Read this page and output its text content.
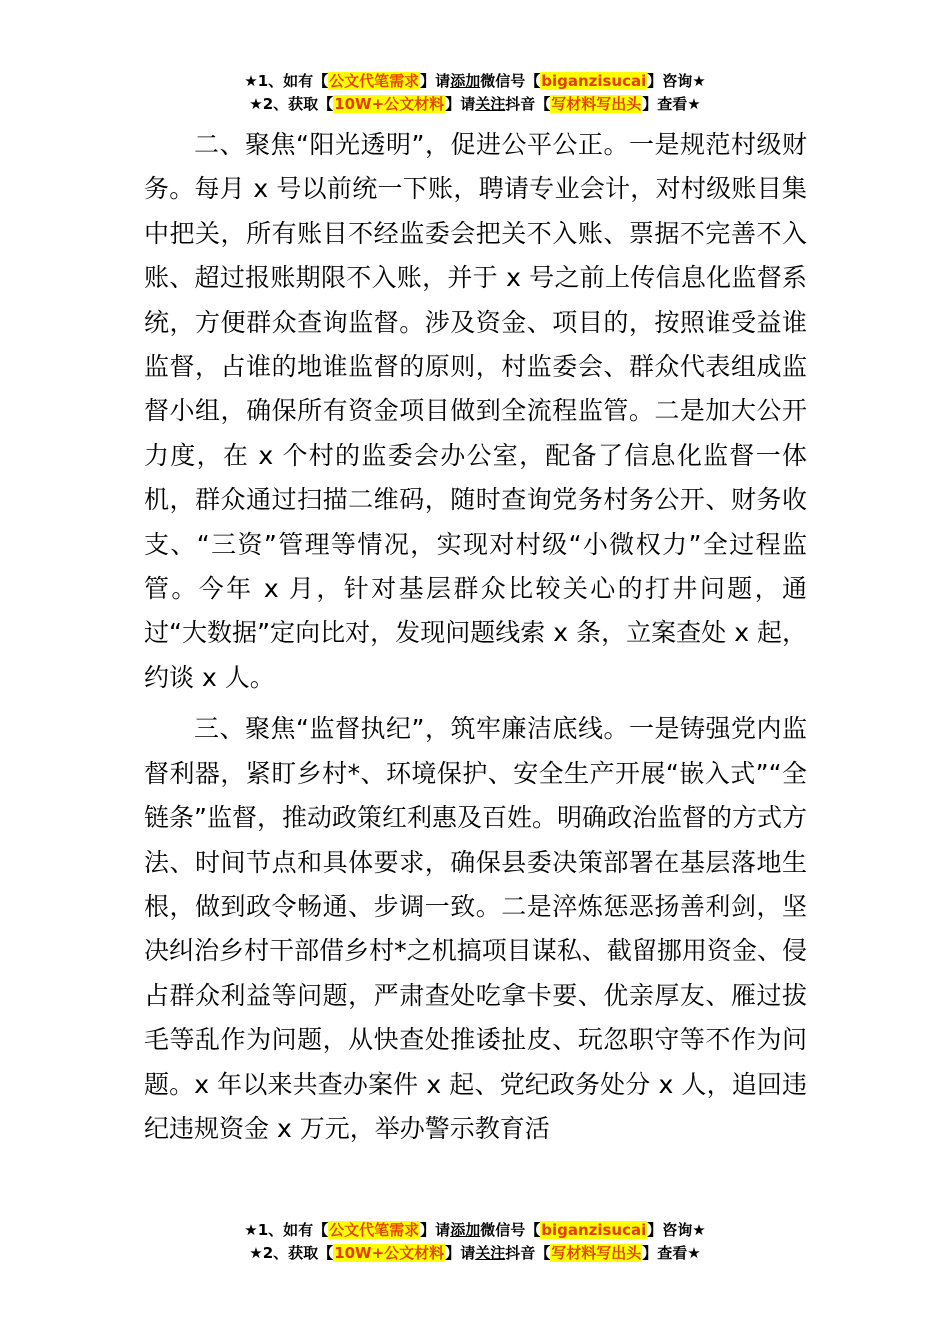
★1、如有【公文代笔需求】请添加微信号【biganzisucai】咨询★
★2、获取【10W+公文材料】请关注抖音【写材料写出头】查看★

二、聚焦“阳光透明”，促进公平公正。一是规范村级财务。每月 x 号以前统一下账，聘请专业会计，对村级账目集中把关，所有账目不经监委会把关不入账、票据不完善不入账、超过报账期限不入账，并于 x 号之前上传信息化监督系统，方便群众查询监督。涉及资金、项目的，按照谁受益谁监督，占谁的地谁监督的原则，村监委会、群众代表组成监督小组，确保所有资金项目做到全流程监管。二是加大公开力度，在 x 个村的监委会办公室，配备了信息化监督一体机，群众通过扫描二维码，随时查询党务村务公开、财务收支、“三资”管理等情况，实现对村级“小微权力”全过程监管。今年 x 月，针对基层群众比较关心的打井问题，通过“大数据”定向比对，发现问题线索 x 条，立案查处 x 起，约谈 x 人。

三、聚焦“监督执纪”，筑牢廉洁底线。一是铸强党内监督利器，紧盯乡村*、环境保护、安全生产开展“嵌入式”“全链条”监督，推动政策红利惠及百姓。明确政治监督的方式方法、时间节点和具体要求，确保县委决策部署在基层落地生根，做到政令畅通、步调一致。二是淬炼惩恶扬善利剑，坚决纠治乡村干部借乡村*之机搞项目谋私、截留挪用资金、侵占群众利益等问题，严肃查处吃拿卡要、优亲厚友、雁过拔毛等乱作为问题，从快查处推诿扯皮、玩忽职守等不作为问题。x 年以来共查办案件 x 起、党纪政务处分 x 人，追回违纪违规资金 x 万元，举办警示教育活

★1、如有【公文代笔需求】请添加微信号【biganzisucai】咨询★
★2、获取【10W+公文材料】请关注抖音【写材料写出头】查看★
